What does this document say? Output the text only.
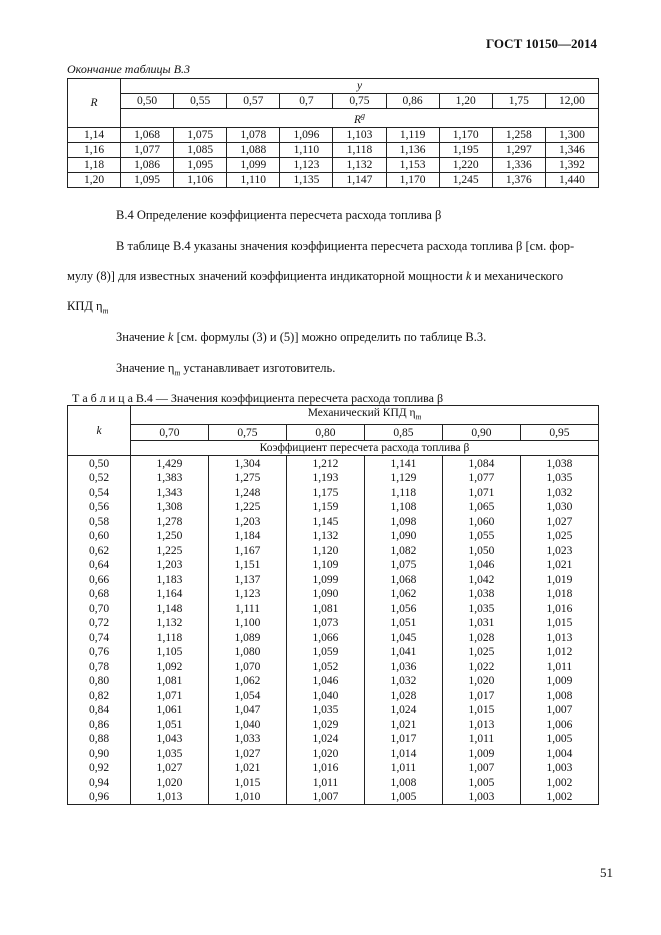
ГОСТ 10150—2014
Окончание таблицы В.3
R	y								
	0,50	0,55	0,57	0,7	0,75	0,86	1,20	1,75	12,00
	$R^g$
1,14	1,068	1,075	1,078	1,096	1,103	1,119	1,170	1,258	1,300
1,16	1,077	1,085	1,088	1,110	1,118	1,136	1,195	1,297	1,346
1,18	1,086	1,095	1,099	1,123	1,132	1,153	1,220	1,336	1,392
1,20	1,095	1,106	1,110	1,135	1,147	1,170	1,245	1,376	1,440
В.4 Определение коэффициента пересчета расхода топлива β
В таблице В.4 указаны значения коэффициента пересчета расхода топлива β [см. фор-
мулу (8)] для известных значений коэффициента индикаторной мощности k и механического
КПД $\eta_m$
Значение k [см. формулы (3) и (5)] можно определить по таблице В.3.
Значение $\eta_m$ устанавливает изготовитель.
Т а б л и ц а В.4 — Значения коэффициента пересчета расхода топлива β
k	Механический КПД $\eta_m$
	0,70	0,75	0,80	0,85	0,90	0,95
	Коэффициент пересчета расхода топлива β					
0,50	1,429	1,304	1,212	1,141	1,084	1,038
0,52	1,383	1,275	1,193	1,129	1,077	1,035
0,54	1,343	1,248	1,175	1,118	1,071	1,032
0,56	1,308	1,225	1,159	1,108	1,065	1,030
0,58	1,278	1,203	1,145	1,098	1,060	1,027
0,60	1,250	1,184	1,132	1,090	1,055	1,025
0,62	1,225	1,167	1,120	1,082	1,050	1,023
0,64	1,203	1,151	1,109	1,075	1,046	1,021
0,66	1,183	1,137	1,099	1,068	1,042	1,019
0,68	1,164	1,123	1,090	1,062	1,038	1,018
0,70	1,148	1,111	1,081	1,056	1,035	1,016
0,72	1,132	1,100	1,073	1,051	1,031	1,015
0,74	1,118	1,089	1,066	1,045	1,028	1,013
0,76	1,105	1,080	1,059	1,041	1,025	1,012
0,78	1,092	1,070	1,052	1,036	1,022	1,011
0,80	1,081	1,062	1,046	1,032	1,020	1,009
0,82	1,071	1,054	1,040	1,028	1,017	1,008
0,84	1,061	1,047	1,035	1,024	1,015	1,007
0,86	1,051	1,040	1,029	1,021	1,013	1,006
0,88	1,043	1,033	1,024	1,017	1,011	1,005
0,90	1,035	1,027	1,020	1,014	1,009	1,004
0,92	1,027	1,021	1,016	1,011	1,007	1,003
0,94	1,020	1,015	1,011	1,008	1,005	1,002
0,96	1,013	1,010	1,007	1,005	1,003	1,002
51
